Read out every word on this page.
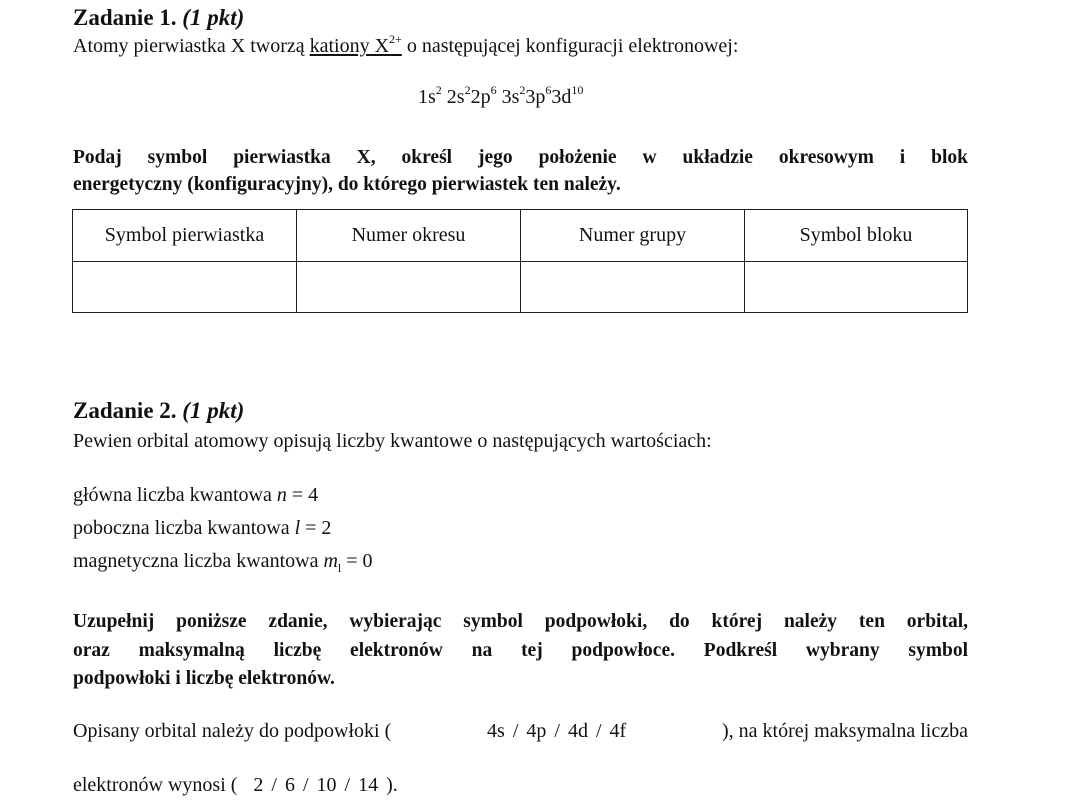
Zadanie 1. (1 pkt)
Atomy pierwiastka X tworzą kationy $X^{2+}$ o następującej konfiguracji elektronowej:
$1s^2$ $2s^22p^6$ $3s^23p^63d^{10}$
Podaj symbol pierwiastka X, określ jego położenie w układzie okresowym i blok
energetyczny (konfiguracyjny), do którego pierwiastek ten należy.
Symbol pierwiastka	Numer okresu	Numer grupy	Symbol bloku

Zadanie 2. (1 pkt)
Pewien orbital atomowy opisują liczby kwantowe o następujących wartościach:
główna liczba kwantowa n = 4
poboczna liczba kwantowa l = 2
magnetyczna liczba kwantowa $m_l = 0$
Uzupełnij poniższe zdanie, wybierając symbol podpowłoki, do której należy ten orbital,
oraz maksymalną liczbę elektronów na tej podpowłoce. Podkreśl wybrany symbol
podpowłoki i liczbę elektronów.
Opisany orbital należy do podpowłoki (	4s / 4p / 4d / 4f	), na której maksymalna liczba
elektronów wynosi ( 2 / 6 / 10 / 14 ).
